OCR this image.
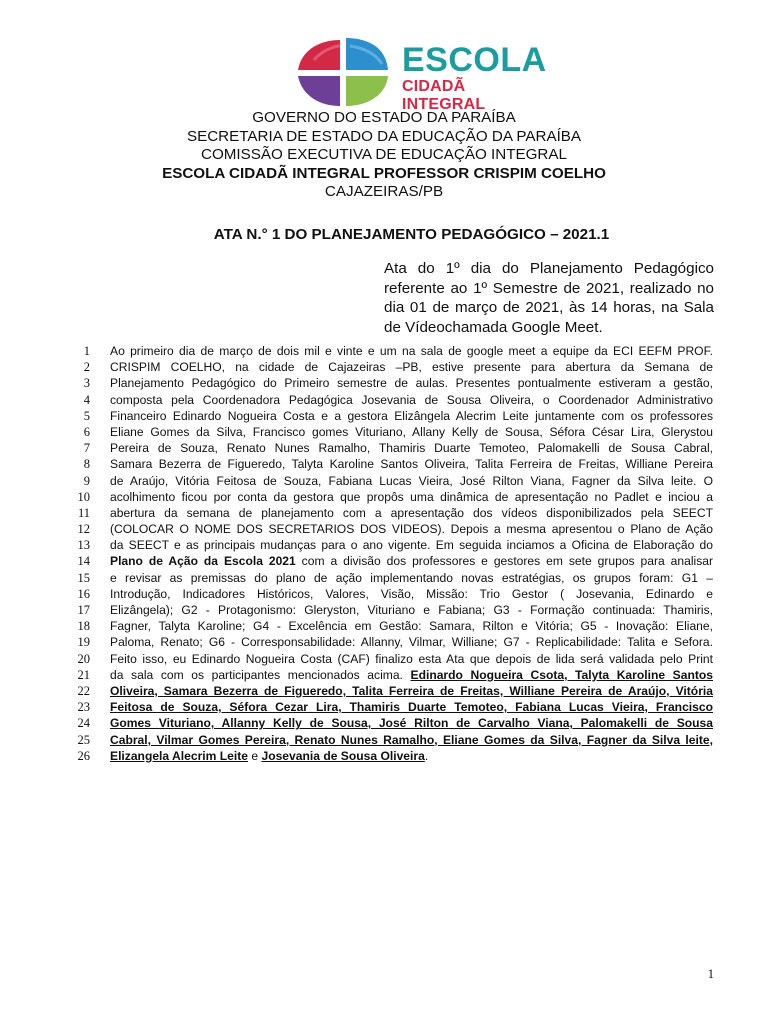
ESCOLA
CIDADÃ INTEGRAL
GOVERNO DO ESTADO DA PARAÍBA
SECRETARIA DE ESTADO DA EDUCAÇÃO DA PARAÍBA
COMISSÃO EXECUTIVA DE EDUCAÇÃO INTEGRAL
ESCOLA CIDADÃ INTEGRAL PROFESSOR CRISPIM COELHO
CAJAZEIRAS/PB
ATA N.° 1 DO PLANEJAMENTO PEDAGÓGICO – 2021.1
Ata do 1º dia do Planejamento Pedagógico
referente ao 1º Semestre de 2021, realizado no
dia 01 de março de 2021, às 14 horas, na Sala
de Vídeochamada Google Meet.
1 Ao primeiro dia de março de dois mil e vinte e um na sala de google meet a equipe da ECI EEFM PROF.
2 CRISPIM COELHO, na cidade de Cajazeiras –PB, estive presente para abertura da Semana de
3 Planejamento Pedagógico do Primeiro semestre de aulas. Presentes pontualmente estiveram a gestão,
4 composta pela Coordenadora Pedagógica Josevania de Sousa Oliveira, o Coordenador Administrativo
5 Financeiro Edinardo Nogueira Costa e a gestora Elizângela Alecrim Leite juntamente com os professores
6 Eliane Gomes da Silva, Francisco gomes Vituriano, Allany Kelly de Sousa, Séfora César Lira, Glerystou
7 Pereira de Souza, Renato Nunes Ramalho, Thamiris Duarte Temoteo, Palomakelli de Sousa Cabral,
8 Samara Bezerra de Figueredo, Talyta Karoline Santos Oliveira, Talita Ferreira de Freitas, Williane Pereira
9 de Araújo, Vitória Feitosa de Souza, Fabiana Lucas Vieira, José Rilton Viana, Fagner da Silva leite. O
10 acolhimento ficou por conta da gestora que propôs uma dinâmica de apresentação no Padlet e inciou a
11 abertura da semana de planejamento com a apresentação dos vídeos disponibilizados pela SEECT
12 (COLOCAR O NOME DOS SECRETARIOS DOS VIDEOS). Depois a mesma apresentou o Plano de Ação
13 da SEECT e as principais mudanças para o ano vigente. Em seguida inciamos a Oficina de Elaboração do
14 Plano de Ação da Escola 2021 com a divisão dos professores e gestores em sete grupos para analisar
15 e revisar as premissas do plano de ação implementando novas estratégias, os grupos foram: G1 –
16 Introdução, Indicadores Históricos, Valores, Visão, Missão: Trio Gestor ( Josevania, Edinardo e
17 Elizângela); G2 - Protagonismo: Gleryston, Vituriano e Fabiana; G3 - Formação continuada: Thamiris,
18 Fagner, Talyta Karoline; G4 - Excelência em Gestão: Samara, Rilton e Vitória; G5 - Inovação: Eliane,
19 Paloma, Renato; G6 - Corresponsabilidade: Allanny, Vilmar, Williane; G7 - Replicabilidade: Talita e Sefora.
20 Feito isso, eu Edinardo Nogueira Costa (CAF) finalizo esta Ata que depois de lida será validada pelo Print
21 da sala com os participantes mencionados acima. Edinardo Nogueira Csota, Talyta Karoline Santos
22 Oliveira, Samara Bezerra de Figueredo, Talita Ferreira de Freitas, Williane Pereira de Araújo, Vitória
23 Feitosa de Souza, Séfora Cezar Lira, Thamiris Duarte Temoteo, Fabiana Lucas Vieira, Francisco
24 Gomes Vituriano, Allanny Kelly de Sousa, José Rilton de Carvalho Viana, Palomakelli de Sousa
25 Cabral, Vilmar Gomes Pereira, Renato Nunes Ramalho, Eliane Gomes da Silva, Fagner da Silva leite,
26 Elizangela Alecrim Leite e Josevania de Sousa Oliveira.
1
